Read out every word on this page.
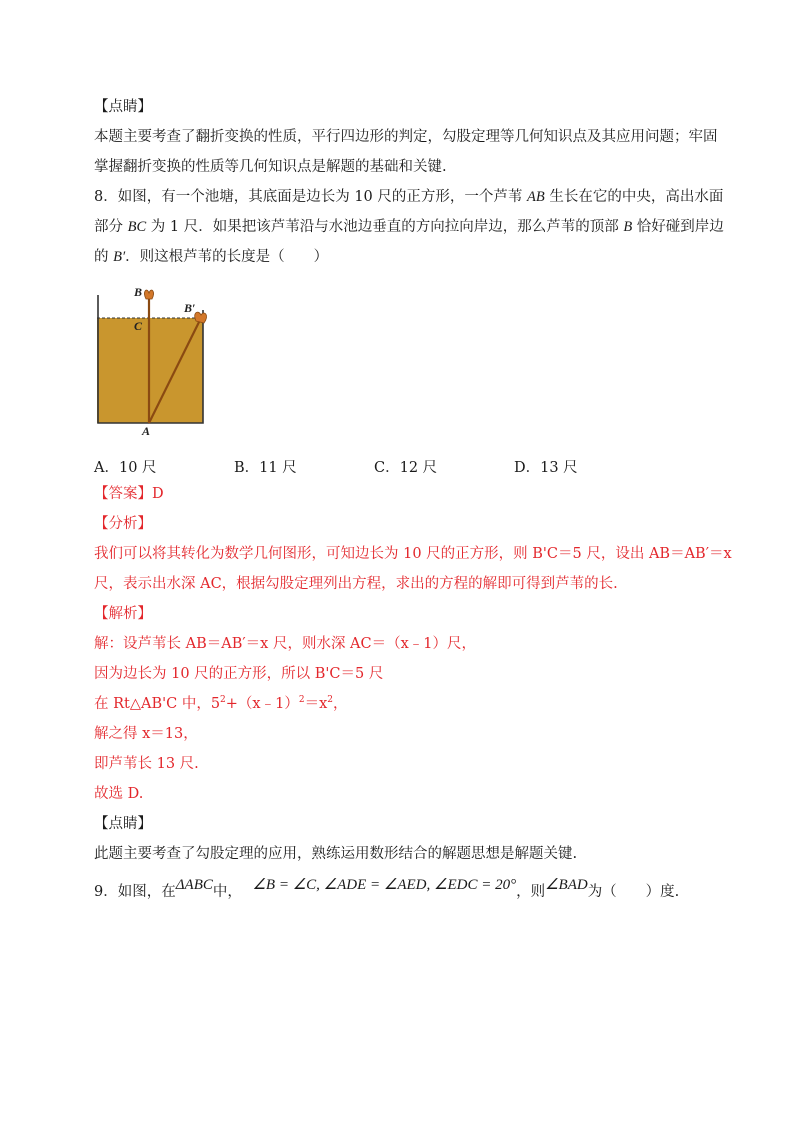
【点睛】
本题主要考查了翻折变换的性质，平行四边形的判定，勾股定理等几何知识点及其应用问题；牢固
掌握翻折变换的性质等几何知识点是解题的基础和关键.
8．如图，有一个池塘，其底面是边长为 10 尺的正方形，一个芦苇 AB 生长在它的中央，高出水面
部分 BC 为 1 尺．如果把该芦苇沿与水池边垂直的方向拉向岸边，那么芦苇的顶部 B 恰好碰到岸边
的 B′．则这根芦苇的长度是（　　）
B
B′
C
A
A．10 尺	B．11 尺	C．12 尺	D．13 尺
【答案】D
【分析】
我们可以将其转化为数学几何图形，可知边长为 10 尺的正方形，则 B'C＝5 尺，设出 AB＝AB′＝x
尺，表示出水深 AC，根据勾股定理列出方程，求出的方程的解即可得到芦苇的长.
【解析】
解：设芦苇长 AB＝AB′＝x 尺，则水深 AC＝（x﹣1）尺，
因为边长为 10 尺的正方形，所以 B'C＝5 尺
在 Rt△AB'C 中，$5^2+(x﹣1)^2=x^2$，
解之得 x＝13，
即芦苇长 13 尺.
故选 D.
【点睛】
此题主要考查了勾股定理的应用，熟练运用数形结合的解题思想是解题关键.
9．如图，在ΔABC中， ∠B = ∠C, ∠ADE = ∠AED, ∠EDC = 20°，则∠BAD为（　　）度.
